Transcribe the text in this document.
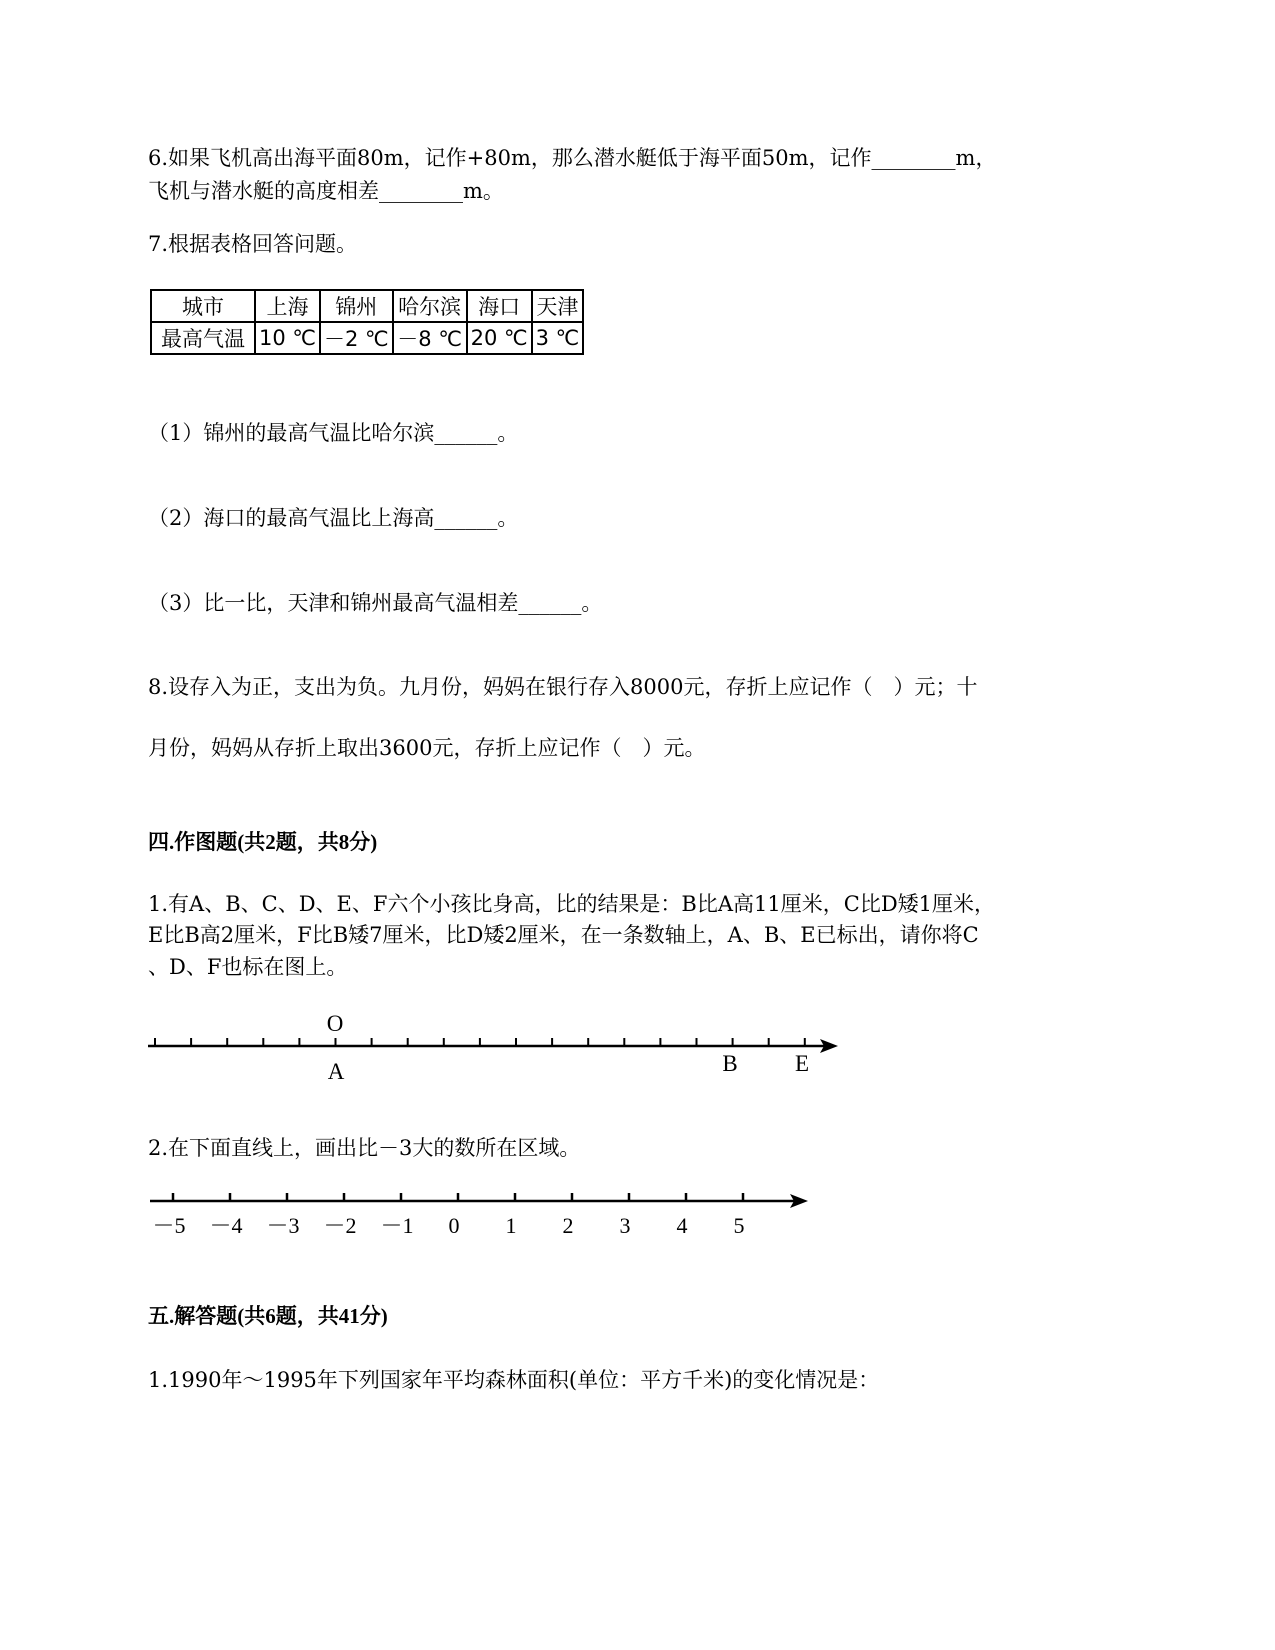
6.如果飞机高出海平面80m，记作+80m，那么潜水艇低于海平面50m，记作________m，
飞机与潜水艇的高度相差________m。
7.根据表格回答问题。
城市	上海	锦州	哈尔滨	海口	天津
最高气温	10 ℃	－2 ℃	－8 ℃	20 ℃	3 ℃
（1）锦州的最高气温比哈尔滨______。
（2）海口的最高气温比上海高______。
（3）比一比，天津和锦州最高气温相差______。
8.设存入为正，支出为负。九月份，妈妈在银行存入8000元，存折上应记作（　）元；十
月份，妈妈从存折上取出3600元，存折上应记作（　）元。
四.作图题(共2题，共8分)
1.有A、B、C、D、E、F六个小孩比身高，比的结果是：B比A高11厘米，C比D矮1厘米，
E比B高2厘米，F比B矮7厘米，比D矮2厘米，在一条数轴上，A、B、E已标出，请你将C
、D、F也标在图上。
O
A	B E
2.在下面直线上，画出比－3大的数所在区域。
－5 －4 －3 －2 －1 0 1 2 3 4 5
五.解答题(共6题，共41分)
1.1990年～1995年下列国家年平均森林面积(单位：平方千米)的变化情况是：
